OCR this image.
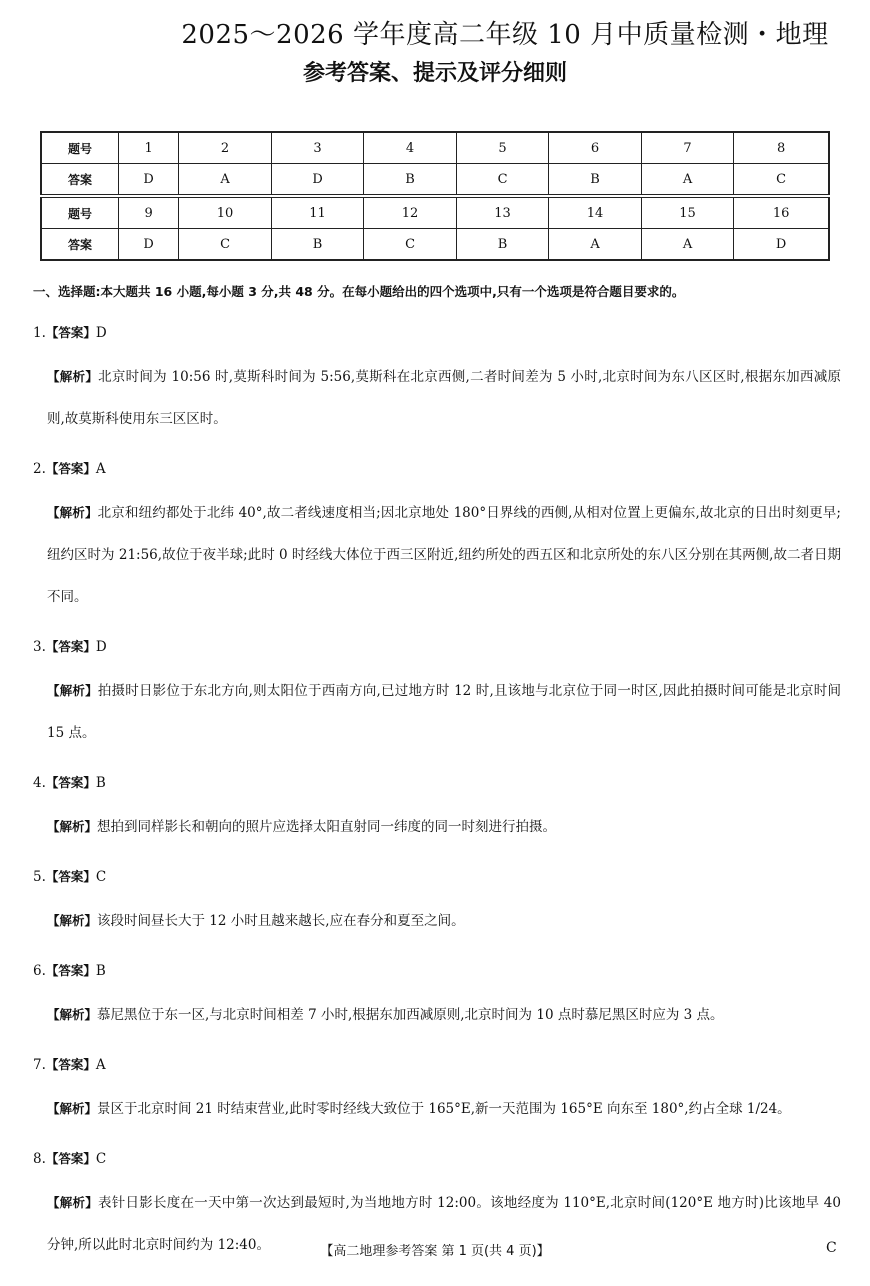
2025～2026 学年度高二年级 10 月中质量检测・地理
参考答案、提示及评分细则
题号	1	2	3	4	5	6	7	8
答案	D	A	D	B	C	B	A	C
题号	9	10	11	12	13	14	15	16
答案	D	C	B	C	B	A	A	D
一、选择题:本大题共 16 小题,每小题 3 分,共 48 分。在每小题给出的四个选项中,只有一个选项是符合题目要求的。
1.【答案】D
【解析】北京时间为 10:56 时,莫斯科时间为 5:56,莫斯科在北京西侧,二者时间差为 5 小时,北京时间为东八区区时,根据东加西减原则,故莫斯科使用东三区区时。
2.【答案】A
【解析】北京和纽约都处于北纬 40°,故二者线速度相当;因北京地处 180°日界线的西侧,从相对位置上更偏东,故北京的日出时刻更早;纽约区时为 21:56,故位于夜半球;此时 0 时经线大体位于西三区附近,纽约所处的西五区和北京所处的东八区分别在其两侧,故二者日期不同。
3.【答案】D
【解析】拍摄时日影位于东北方向,则太阳位于西南方向,已过地方时 12 时,且该地与北京位于同一时区,因此拍摄时间可能是北京时间 15 点。
4.【答案】B
【解析】想拍到同样影长和朝向的照片应选择太阳直射同一纬度的同一时刻进行拍摄。
5.【答案】C
【解析】该段时间昼长大于 12 小时且越来越长,应在春分和夏至之间。
6.【答案】B
【解析】慕尼黑位于东一区,与北京时间相差 7 小时,根据东加西减原则,北京时间为 10 点时慕尼黑区时应为 3 点。
7.【答案】A
【解析】景区于北京时间 21 时结束营业,此时零时经线大致位于 165°E,新一天范围为 165°E 向东至 180°,约占全球 1/24。
8.【答案】C
【解析】表针日影长度在一天中第一次达到最短时,为当地地方时 12:00。该地经度为 110°E,北京时间(120°E 地方时)比该地早 40 分钟,所以此时北京时间约为 12:40。	【高二地理参考答案 第 1 页(共 4 页)】	C
